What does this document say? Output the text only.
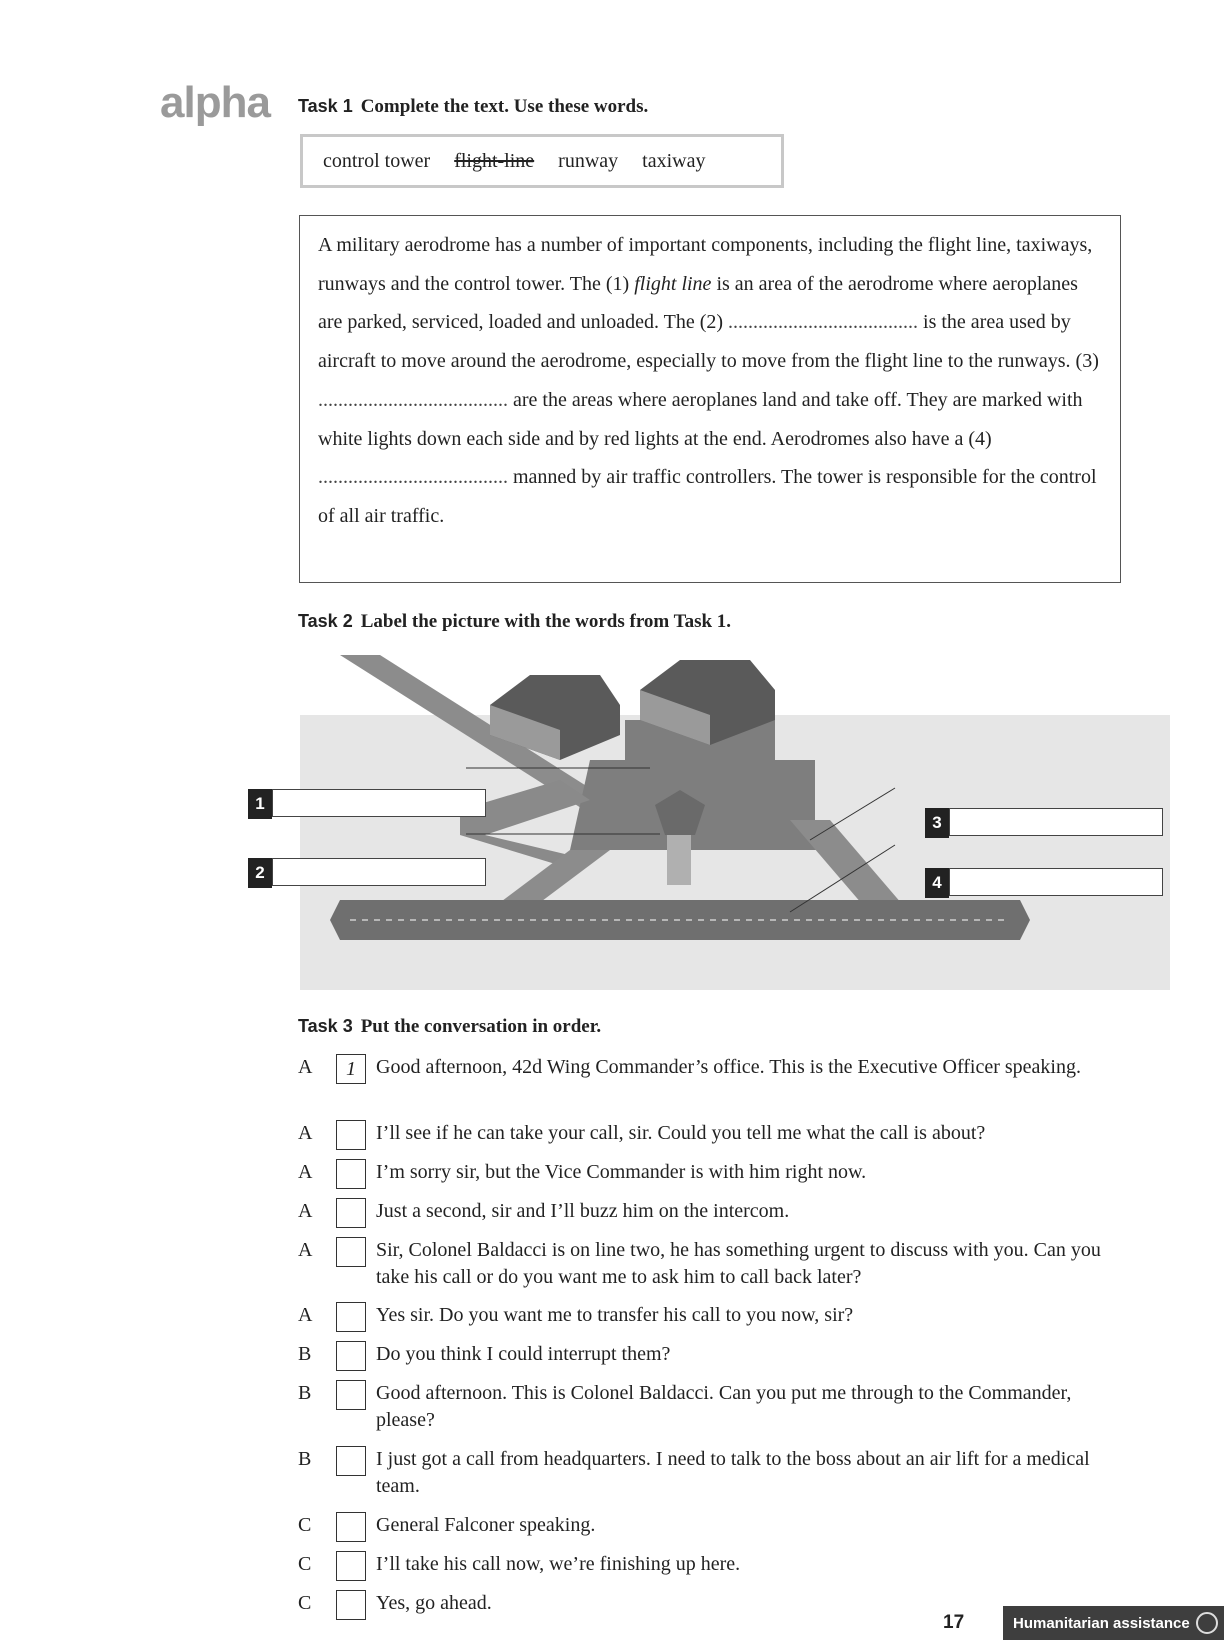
alpha Task 1 Complete the text. Use these words.
control tower flight-line runway taxiway

A military aerodrome has a number of important components, including the flight line, taxiways, runways and the control tower. The (1) flight line is an area of the aerodrome where aeroplanes are parked, serviced, loaded and unloaded. The (2) ...................................... is the area used by aircraft to move around the aerodrome, especially to move from the flight line to the runways. (3) ...................................... are the areas where aeroplanes land and take off. They are marked with white lights down each side and by red lights at the end. Aerodromes also have a (4) ...................................... manned by air traffic controllers. The tower is responsible for the control of all air traffic.

Task 2 Label the picture with the words from Task 1.
1
2
3
4
Task 3 Put the conversation in order.
A	1	Good afternoon, 42d Wing Commander’s office. This is the Executive Officer speaking.
A	I’ll see if he can take your call, sir. Could you tell me what the call is about?
A	I’m sorry sir, but the Vice Commander is with him right now.
A	Just a second, sir and I’ll buzz him on the intercom.
A	Sir, Colonel Baldacci is on line two, he has something urgent to discuss with you. Can you take his call or do you want me to ask him to call back later?
A	Yes sir. Do you want me to transfer his call to you now, sir?
B	Do you think I could interrupt them?
B	Good afternoon. This is Colonel Baldacci. Can you put me through to the Commander, please?
B	I just got a call from headquarters. I need to talk to the boss about an air lift for a medical team.
C	General Falconer speaking.
C	I’ll take his call now, we’re finishing up here.
C	Yes, go ahead.
17	Humanitarian assistance
